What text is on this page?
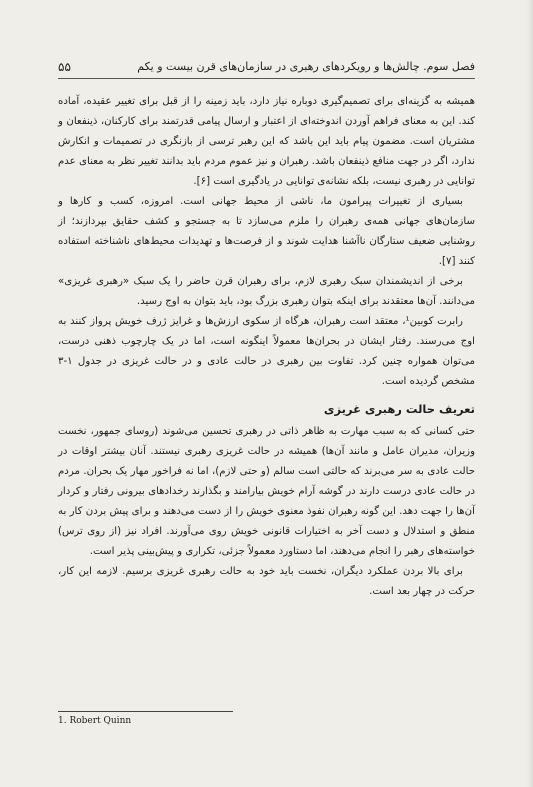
فصل سوم. چالش‌ها و رویکردهای رهبری در سازمان‌های قرن بیست و یکم
۵۵

همیشه به گزینه‌ای برای تصمیم‌گیری دوباره نیاز دارد، باید زمینه را از قبل برای تغییر عقیده، آماده کند. این به معنای فراهم آوردن اندوخته‌ای از اعتبار و ارسال پیامی قدرتمند برای کارکنان، ذینفعان و مشتریان است. مضمون پیام باید این باشد که این رهبر ترسی از بازنگری در تصمیمات و انکارش ندارد، اگر در جهت منافع ذینفعان باشد. رهبران و نیز عموم مردم باید بدانند تغییر نظر به معنای عدم توانایی در رهبری نیست، بلکه نشانه‌ی توانایی در یادگیری است [۶].

بسیاری از تغییرات پیرامون ما، ناشی از محیط جهانی است. امروزه، کسب و کارها و سازمان‌های جهانی همه‌ی رهبران را ملزم می‌سازد تا به جستجو و کشف حقایق بپردازند؛ از روشنایی ضعیف ستارگان ناآشنا هدایت شوند و از فرصت‌ها و تهدیدات محیط‌های ناشناخته استفاده کنند [۷].

برخی از اندیشمندان سبک رهبری لازم، برای رهبران قرن حاضر را یک سبک «رهبری غریزی» می‌دانند. آن‌ها معتقدند برای اینکه بتوان رهبری بزرگ بود، باید بتوان به اوج رسید.

رابرت کوبین¹، معتقد است رهبران، هرگاه از سکوی ارزش‌ها و غرایز ژرف خویش پرواز کنند به اوج می‌رسند. رفتار ایشان در بحران‌ها معمولاً اینگونه است، اما در یک چارچوب ذهنی درست، می‌توان همواره چنین کرد. تفاوت بین رهبری در حالت عادی و در حالت غریزی در جدول ۱-۳ مشخص گردیده است.

تعریف حالت رهبری غریزی

حتی کسانی که به سبب مهارت به ظاهر ذاتی در رهبری تحسین می‌شوند (روسای جمهور، نخست وزیران، مدیران عامل و مانند آن‌ها) همیشه در حالت غریزی رهبری نیستند. آنان بیشتر اوقات در حالت عادی به سر می‌برند که حالتی است سالم (و حتی لازم)، اما نه فراخور مهار یک بحران. مردم در حالت عادی درست دارند در گوشه آرام خویش بیارامند و بگذارند رخدادهای بیرونی رفتار و کردار آن‌ها را جهت دهد. این گونه رهبران نفوذ معنوی خویش را از دست می‌دهند و برای پیش بردن کار به منطق و استدلال و دست آخر به اختیارات قانونی خویش روی می‌آورند. افراد نیز (از روی ترس) خواسته‌های رهبر را انجام می‌دهند، اما دستاورد معمولاً جزئی، تکراری و پیش‌بینی پذیر است.

برای بالا بردن عملکرد دیگران، نخست باید خود به حالت رهبری غریزی برسیم. لازمه این کار، حرکت در چهار بعد است.

1. Robert Quinn
